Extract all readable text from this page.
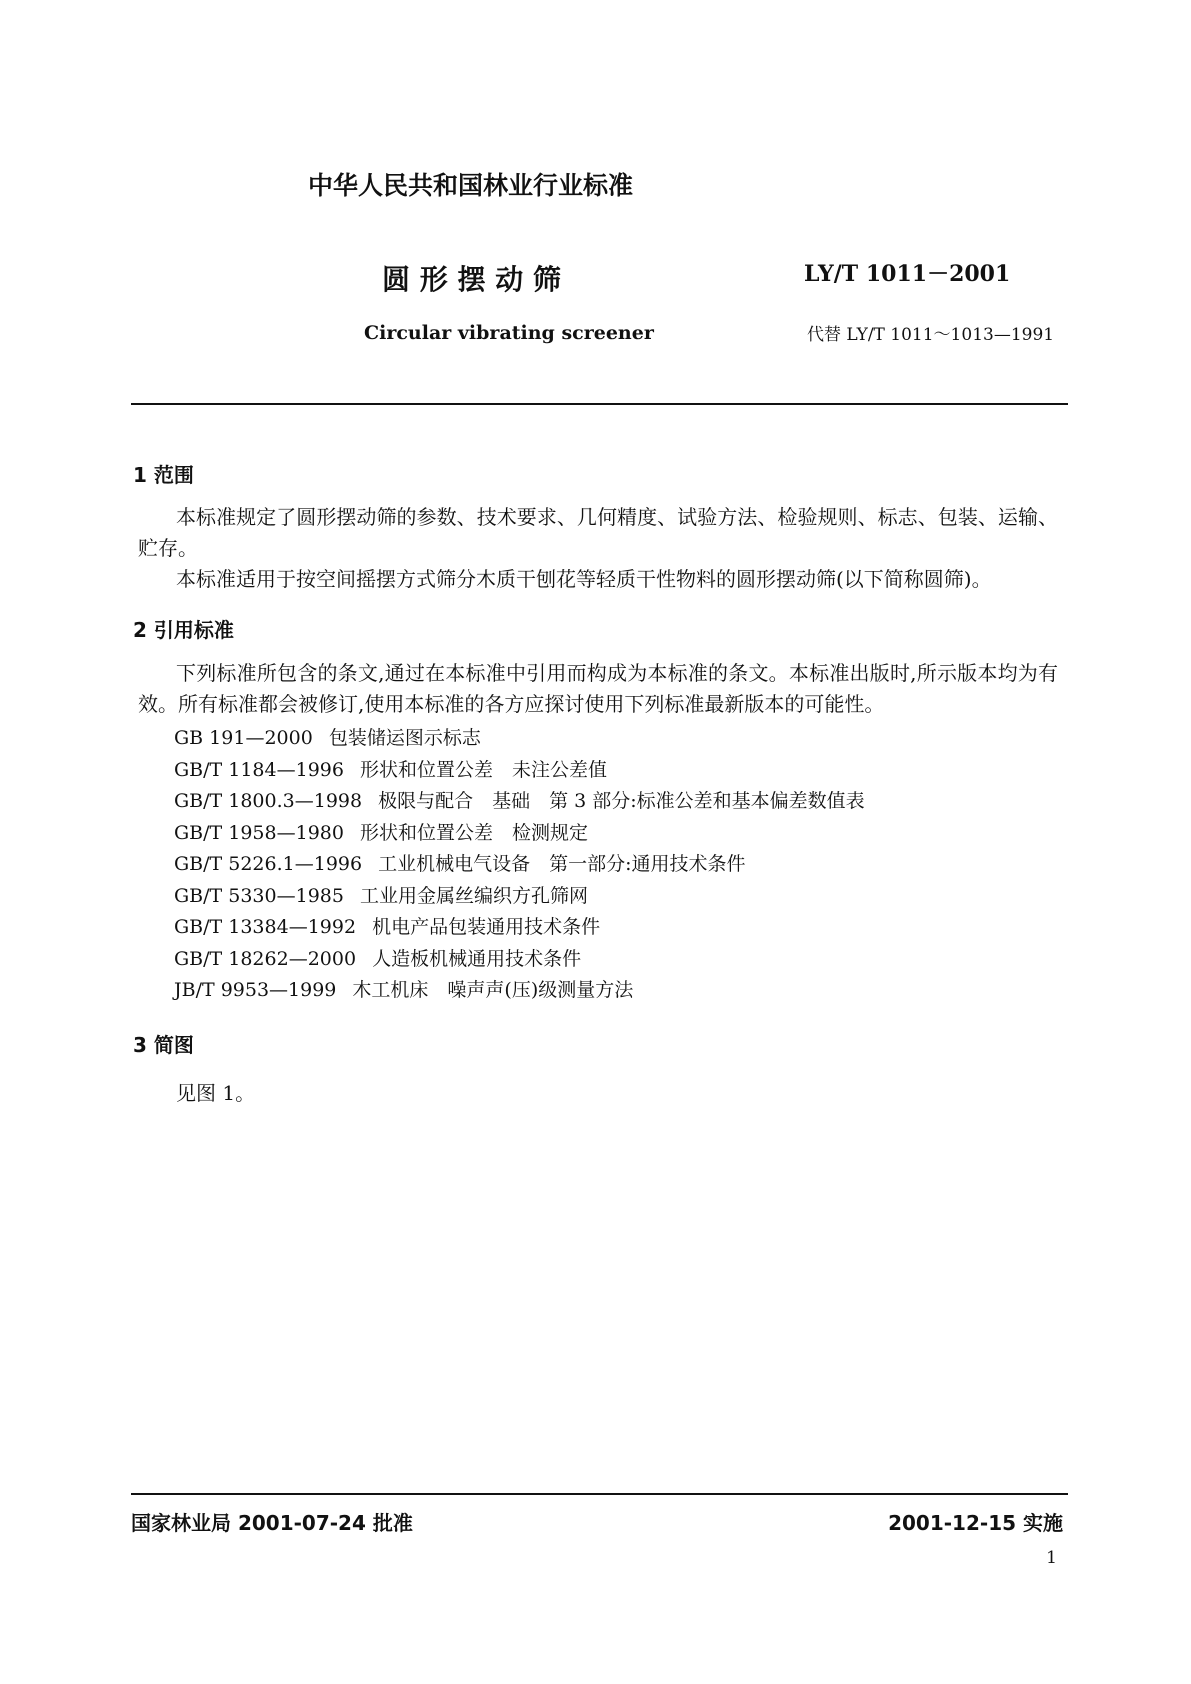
中华人民共和国林业行业标准
圆 形 摆 动 筛	LY/T 1011－2001
Circular vibrating screener	代替 LY/T 1011～1013—1991
1 范围
本标准规定了圆形摆动筛的参数、技术要求、几何精度、试验方法、检验规则、标志、包装、运输、贮存。
本标准适用于按空间摇摆方式筛分木质干刨花等轻质干性物料的圆形摆动筛(以下简称圆筛)。
2 引用标准
下列标准所包含的条文,通过在本标准中引用而构成为本标准的条文。本标准出版时,所示版本均为有效。所有标准都会被修订,使用本标准的各方应探讨使用下列标准最新版本的可能性。
GB 191—2000 包装储运图示标志
GB/T 1184—1996 形状和位置公差　未注公差值
GB/T 1800.3—1998 极限与配合　基础　第 3 部分:标准公差和基本偏差数值表
GB/T 1958—1980 形状和位置公差　检测规定
GB/T 5226.1—1996 工业机械电气设备　第一部分:通用技术条件
GB/T 5330—1985 工业用金属丝编织方孔筛网
GB/T 13384—1992 机电产品包装通用技术条件
GB/T 18262—2000 人造板机械通用技术条件
JB/T 9953—1999 木工机床　噪声声(压)级测量方法
3 简图
见图 1。
国家林业局 2001-07-24 批准	2001-12-15 实施
1
